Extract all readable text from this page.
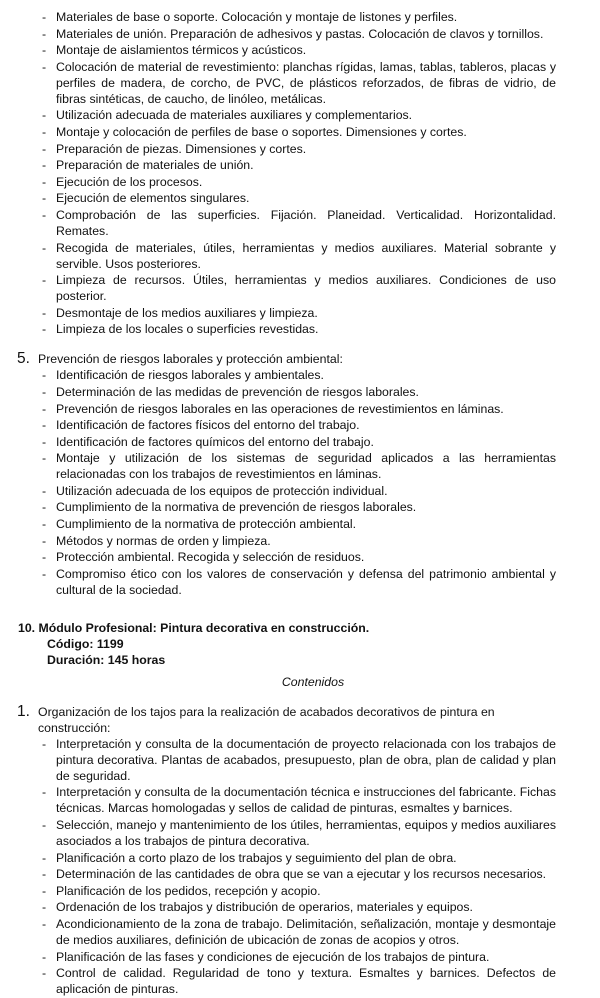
- Materiales de base o soporte. Colocación y montaje de listones y perfiles.
- Materiales de unión. Preparación de adhesivos y pastas. Colocación de clavos y tornillos.
- Montaje de aislamientos térmicos y acústicos.
- Colocación de material de revestimiento: planchas rígidas, lamas, tablas, tableros, placas y perfiles de madera, de corcho, de PVC, de plásticos reforzados, de fibras de vidrio, de fibras sintéticas, de caucho, de linóleo, metálicas.
- Utilización adecuada de materiales auxiliares y complementarios.
- Montaje y colocación de perfiles de base o soportes. Dimensiones y cortes.
- Preparación de piezas. Dimensiones y cortes.
- Preparación de materiales de unión.
- Ejecución de los procesos.
- Ejecución de elementos singulares.
- Comprobación de las superficies. Fijación. Planeidad. Verticalidad. Horizontalidad. Remates.
- Recogida de materiales, útiles, herramientas y medios auxiliares. Material sobrante y servible. Usos posteriores.
- Limpieza de recursos. Útiles, herramientas y medios auxiliares. Condiciones de uso posterior.
- Desmontaje de los medios auxiliares y limpieza.
- Limpieza de los locales o superficies revestidas.
5. Prevención de riesgos laborales y protección ambiental:
- Identificación de riesgos laborales y ambientales.
- Determinación de las medidas de prevención de riesgos laborales.
- Prevención de riesgos laborales en las operaciones de revestimientos en láminas.
- Identificación de factores físicos del entorno del trabajo.
- Identificación de factores químicos del entorno del trabajo.
- Montaje y utilización de los sistemas de seguridad aplicados a las herramientas relacionadas con los trabajos de revestimientos en láminas.
- Utilización adecuada de los equipos de protección individual.
- Cumplimiento de la normativa de prevención de riesgos laborales.
- Cumplimiento de la normativa de protección ambiental.
- Métodos y normas de orden y limpieza.
- Protección ambiental. Recogida y selección de residuos.
- Compromiso ético con los valores de conservación y defensa del patrimonio ambiental y cultural de la sociedad.
10. Módulo Profesional: Pintura decorativa en construcción.
Código: 1199
Duración: 145 horas
Contenidos
1. Organización de los tajos para la realización de acabados decorativos de pintura en construcción:
- Interpretación y consulta de la documentación de proyecto relacionada con los trabajos de pintura decorativa. Plantas de acabados, presupuesto, plan de obra, plan de calidad y plan de seguridad.
- Interpretación y consulta de la documentación técnica e instrucciones del fabricante. Fichas técnicas. Marcas homologadas y sellos de calidad de pinturas, esmaltes y barnices.
- Selección, manejo y mantenimiento de los útiles, herramientas, equipos y medios auxiliares asociados a los trabajos de pintura decorativa.
- Planificación a corto plazo de los trabajos y seguimiento del plan de obra.
- Determinación de las cantidades de obra que se van a ejecutar y los recursos necesarios.
- Planificación de los pedidos, recepción y acopio.
- Ordenación de los trabajos y distribución de operarios, materiales y equipos.
- Acondicionamiento de la zona de trabajo. Delimitación, señalización, montaje y desmontaje de medios auxiliares, definición de ubicación de zonas de acopios y otros.
- Planificación de las fases y condiciones de ejecución de los trabajos de pintura.
- Control de calidad. Regularidad de tono y textura. Esmaltes y barnices. Defectos de aplicación de pinturas.
